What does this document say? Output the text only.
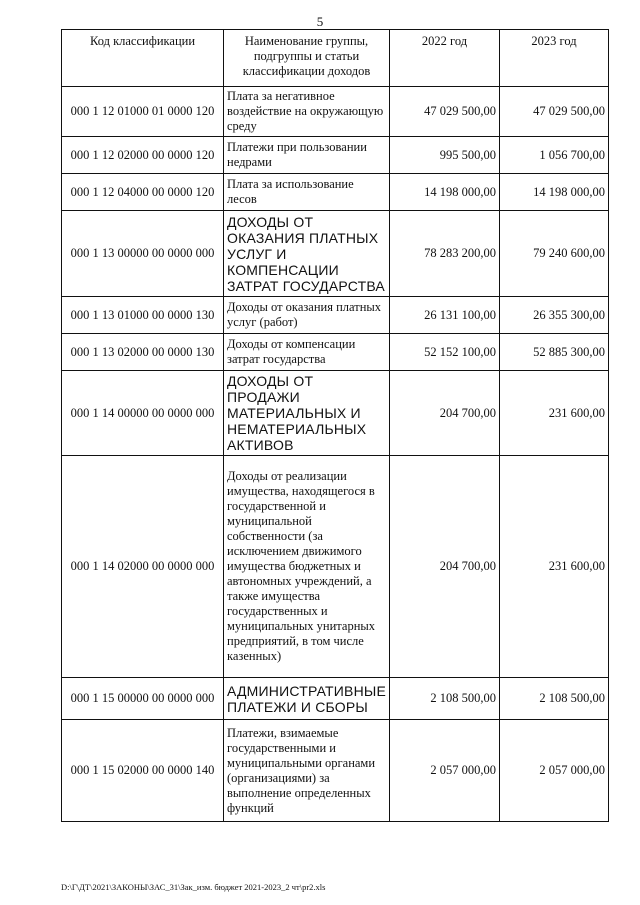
5
Код классификации	Наименование группы, подгруппы и статьи классификации доходов	2022 год	2023 год
000 1 12 01000 01 0000 120	Плата за негативное воздействие на окружающую среду	47 029 500,00	47 029 500,00
000 1 12 02000 00 0000 120	Платежи при пользовании недрами	995 500,00	1 056 700,00
000 1 12 04000 00 0000 120	Плата за использование лесов	14 198 000,00	14 198 000,00
000 1 13 00000 00 0000 000	ДОХОДЫ ОТ ОКАЗАНИЯ ПЛАТНЫХ УСЛУГ И КОМПЕНСАЦИИ ЗАТРАТ ГОСУДАРСТВА	78 283 200,00	79 240 600,00
000 1 13 01000 00 0000 130	Доходы от оказания платных услуг (работ)	26 131 100,00	26 355 300,00
000 1 13 02000 00 0000 130	Доходы от компенсации затрат государства	52 152 100,00	52 885 300,00
000 1 14 00000 00 0000 000	ДОХОДЫ ОТ ПРОДАЖИ МАТЕРИАЛЬНЫХ И НЕМАТЕРИАЛЬНЫХ АКТИВОВ	204 700,00	231 600,00
000 1 14 02000 00 0000 000	Доходы от реализации имущества, находящегося в государственной и муниципальной собственности (за исключением движимого имущества бюджетных и автономных учреждений, а также имущества государственных и муниципальных унитарных предприятий, в том числе казенных)	204 700,00	231 600,00
000 1 15 00000 00 0000 000	АДМИНИСТРАТИВНЫЕ ПЛАТЕЖИ И СБОРЫ	2 108 500,00	2 108 500,00
000 1 15 02000 00 0000 140	Платежи, взимаемые государственными и муниципальными органами (организациями) за выполнение определенных функций	2 057 000,00	2 057 000,00
D:\Г\ДТ\2021\ЗАКОНЫ\ЗАС_31\Зак_изм. бюджет 2021-2023_2 чт\pr2.xls
